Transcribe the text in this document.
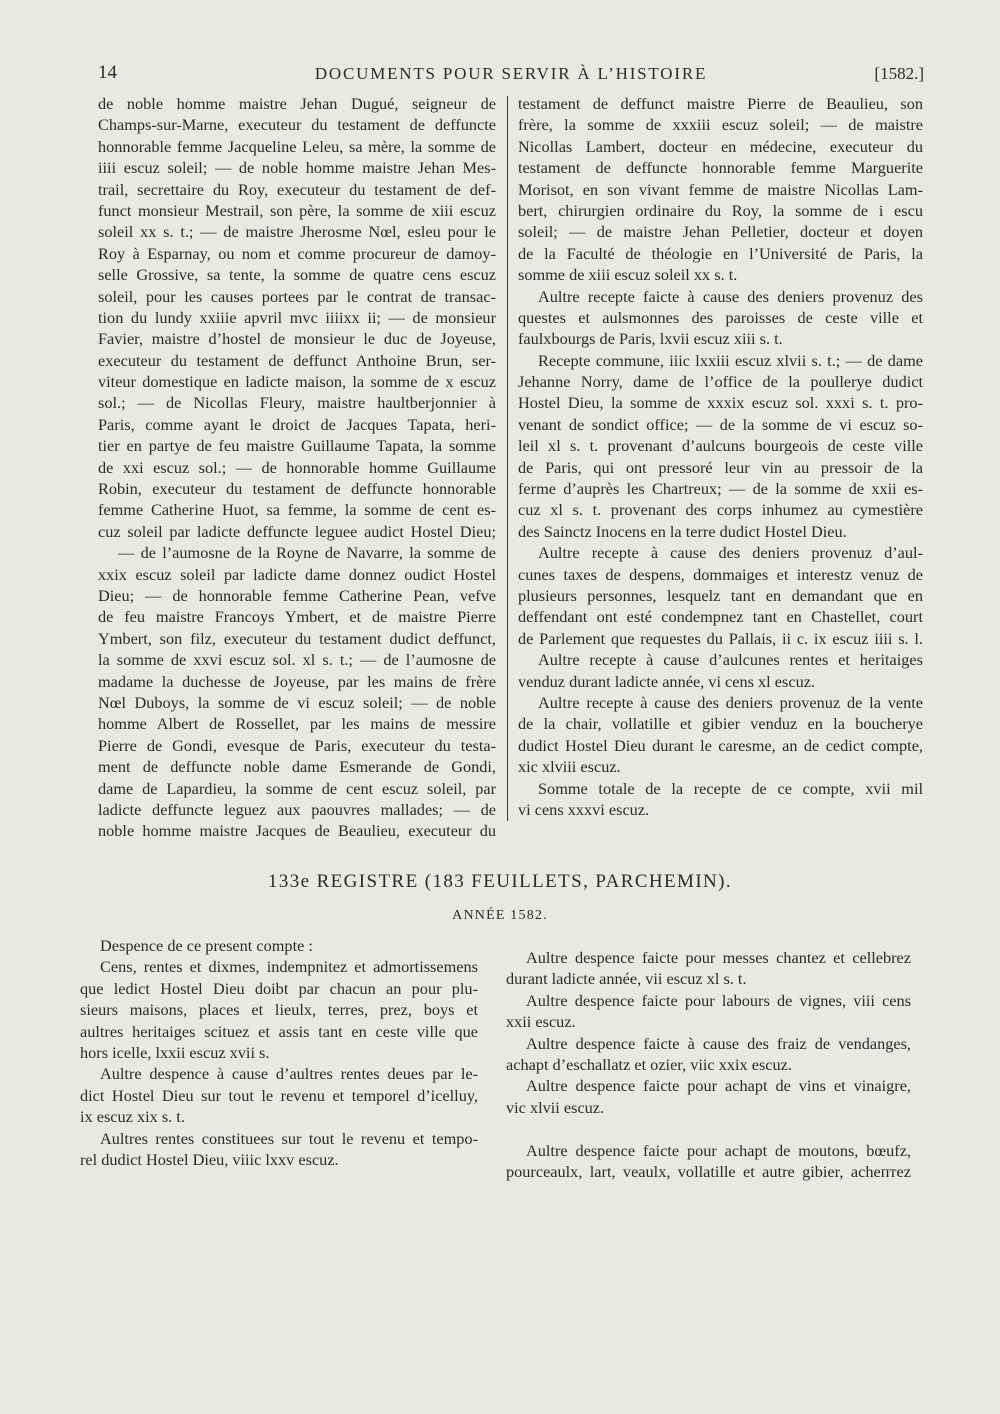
14	DOCUMENTS POUR SERVIR À L’HISTOIRE	[1582.]
de noble homme maistre Jehan Dugué, seigneur de
Champs-sur-Marne, executeur du testament de deffuncte
honnorable femme Jacqueline Leleu, sa mère, la somme de
iiii escuz soleil; — de noble homme maistre Jehan Mes-
trail, secrettaire du Roy, executeur du testament de def-
funct monsieur Mestrail, son père, la somme de xiii escuz
soleil xx s. t.; — de maistre Jherosme Nœl, esleu pour le
Roy à Esparnay, ou nom et comme procureur de damoy-
selle Grossive, sa tente, la somme de quatre cens escuz
soleil, pour les causes portees par le contrat de transac-
tion du lundy xxiiie apvril mvc iiiixx ii; — de monsieur
Favier, maistre d’hostel de monsieur le duc de Joyeuse,
executeur du testament de deffunct Anthoine Brun, ser-
viteur domestique en ladicte maison, la somme de x escuz
sol.; — de Nicollas Fleury, maistre haultberjonnier à
Paris, comme ayant le droict de Jacques Tapata, heri-
tier en partye de feu maistre Guillaume Tapata, la somme
de xxi escuz sol.; — de honnorable homme Guillaume
Robin, executeur du testament de deffuncte honnorable
femme Catherine Huot, sa femme, la somme de cent es-
cuz soleil par ladicte deffuncte leguee audict Hostel Dieu;
— de l’aumosne de la Royne de Navarre, la somme de
xxix escuz soleil par ladicte dame donnez oudict Hostel
Dieu; — de honnorable femme Catherine Pean, vefve
de feu maistre Francoys Ymbert, et de maistre Pierre
Ymbert, son filz, executeur du testament dudict deffunct,
la somme de xxvi escuz sol. xl s. t.; — de l’aumosne de
madame la duchesse de Joyeuse, par les mains de frère
Nœl Duboys, la somme de vi escuz soleil; — de noble
homme Albert de Rossellet, par les mains de messire
Pierre de Gondi, evesque de Paris, executeur du testa-
ment de deffuncte noble dame Esmerande de Gondi,
dame de Lapardieu, la somme de cent escuz soleil, par
ladicte deffuncte leguez aux paouvres mallades; — de
noble homme maistre Jacques de Beaulieu, executeur du
testament de deffunct maistre Pierre de Beaulieu, son
frère, la somme de xxxiii escuz soleil; — de maistre
Nicollas Lambert, docteur en médecine, executeur du
testament de deffuncte honnorable femme Marguerite
Morisot, en son vivant femme de maistre Nicollas Lam-
bert, chirurgien ordinaire du Roy, la somme de i escu
soleil; — de maistre Jehan Pelletier, docteur et doyen
de la Faculté de théologie en l’Université de Paris, la
somme de xiii escuz soleil xx s. t.
Aultre recepte faicte à cause des deniers provenuz des
questes et aulsmonnes des paroisses de ceste ville et
faulxbourgs de Paris, lxvii escuz xiii s. t.
Recepte commune, iiic lxxiii escuz xlvii s. t.; — de dame
Jehanne Norry, dame de l’office de la poullerye dudict
Hostel Dieu, la somme de xxxix escuz sol. xxxi s. t. pro-
venant de sondict office; — de la somme de vi escuz so-
leil xl s. t. provenant d’aulcuns bourgeois de ceste ville
de Paris, qui ont pressoré leur vin au pressoir de la
ferme d’auprès les Chartreux; — de la somme de xxii es-
cuz xl s. t. provenant des corps inhumez au cymestière
des Sainctz Inocens en la terre dudict Hostel Dieu.
Aultre recepte à cause des deniers provenuz d’aul-
cunes taxes de despens, dommaiges et interestz venuz de
plusieurs personnes, lesquelz tant en demandant que en
deffendant ont esté condempnez tant en Chastellet, court
de Parlement que requestes du Pallais, ii c. ix escuz iiii s. l.
Aultre recepte à cause d’aulcunes rentes et heritaiges
venduz durant ladicte année, vi cens xl escuz.
Aultre recepte à cause des deniers provenuz de la vente
de la chair, vollatille et gibier venduz en la boucherye
dudict Hostel Dieu durant le caresme, an de cedict compte,
xic xlviii escuz.
Somme totale de la recepte de ce compte, xvii mil
vi cens xxxvi escuz.
133e REGISTRE (183 FEUILLETS, PARCHEMIN).
ANNÉE 1582.
Despence de ce present compte :
Cens, rentes et dixmes, indempnitez et admortissemens
que ledict Hostel Dieu doibt par chacun an pour plu-
sieurs maisons, places et lieulx, terres, prez, boys et
aultres heritaiges scituez et assis tant en ceste ville que
hors icelle, lxxii escuz xvii s.
Aultre despence à cause d’aultres rentes deues par le-
dict Hostel Dieu sur tout le revenu et temporel d’icelluy,
ix escuz xix s. t.
Aultres rentes constituees sur tout le revenu et tempo-
rel dudict Hostel Dieu, viiic lxxv escuz.
Aultre despence faicte pour messes chantez et cellebrez
durant ladicte année, vii escuz xl s. t.
Aultre despence faicte pour labours de vignes, viii cens
xxii escuz.
Aultre despence faicte à cause des fraiz de vendanges,
achapt d’eschallatz et ozier, viic xxix escuz.
Aultre despence faicte pour achapt de vins et vinaigre,
vic xlvii escuz.
Aultre despence faicte pour achapt de moutons, bœufz,
pourceaulx, lart, veaulx, vollatille et autre gibier, achептez
